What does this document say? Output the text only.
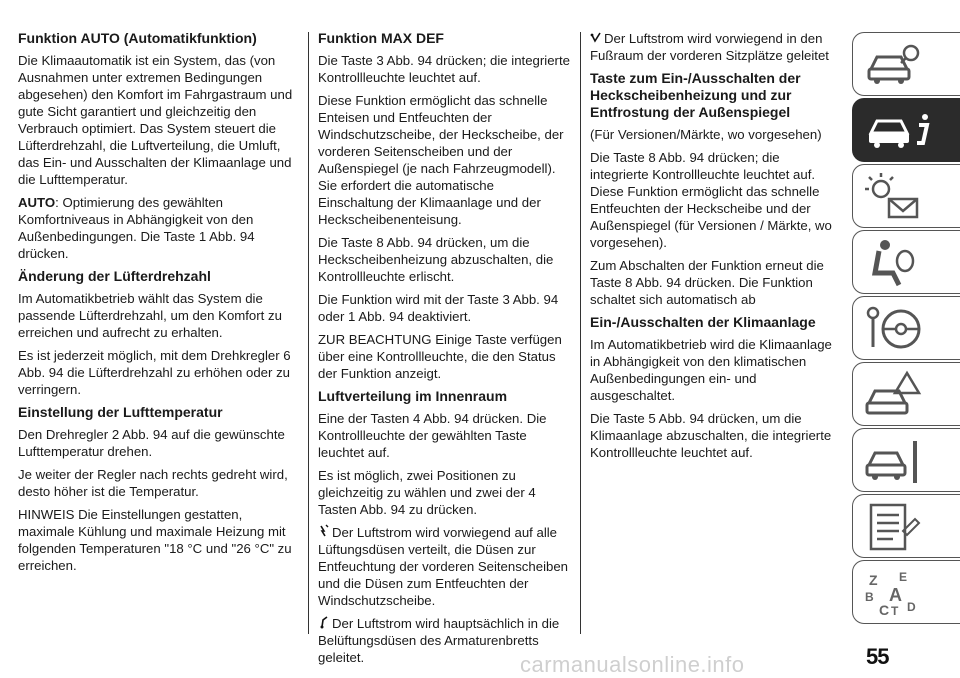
Funktion AUTO (Automatikfunktion)

Die Klimaautomatik ist ein System, das (von Ausnahmen unter extremen Bedingungen abgesehen) den Komfort im Fahrgastraum und gute Sicht garantiert und gleichzeitig den Verbrauch optimiert. Das System steuert die Lüfterdrehzahl, die Luftverteilung, die Umluft, das Ein- und Ausschalten der Klimaanlage und die Lufttemperatur.

AUTO: Optimierung des gewählten Komfortniveaus in Abhängigkeit von den Außenbedingungen. Die Taste 1 Abb. 94 drücken.

Änderung der Lüfterdrehzahl

Im Automatikbetrieb wählt das System die passende Lüfterdrehzahl, um den Komfort zu erreichen und aufrecht zu erhalten.

Es ist jederzeit möglich, mit dem Drehkregler 6 Abb. 94 die Lüfterdrehzahl zu erhöhen oder zu verringern.

Einstellung der Lufttemperatur

Den Drehregler 2 Abb. 94 auf die gewünschte Lufttemperatur drehen.

Je weiter der Regler nach rechts gedreht wird, desto höher ist die Temperatur.

HINWEIS Die Einstellungen gestatten, maximale Kühlung und maximale Heizung mit folgenden Temperaturen "18 °C und "26 °C" zu erreichen.

Funktion MAX DEF

Die Taste 3 Abb. 94 drücken; die integrierte Kontrollleuchte leuchtet auf.

Diese Funktion ermöglicht das schnelle Enteisen und Entfeuchten der Windschutzscheibe, der Heckscheibe, der vorderen Seitenscheiben und der Außenspiegel (je nach Fahrzeugmodell). Sie erfordert die automatische Einschaltung der Klimaanlage und der Heckscheibenenteisung.

Die Taste 8 Abb. 94 drücken, um die Heckscheibenheizung abzuschalten, die Kontrollleuchte erlischt.

Die Funktion wird mit der Taste 3 Abb. 94 oder 1 Abb. 94 deaktiviert.

ZUR BEACHTUNG Einige Taste verfügen über eine Kontrollleuchte, die den Status der Funktion anzeigt.

Luftverteilung im Innenraum

Eine der Tasten 4 Abb. 94 drücken. Die Kontrollleuchte der gewählten Taste leuchtet auf.

Es ist möglich, zwei Positionen zu gleichzeitig zu wählen und zwei der 4 Tasten Abb. 94 zu drücken.

Der Luftstrom wird vorwiegend auf alle Lüftungsdüsen verteilt, die Düsen zur Entfeuchtung der vorderen Seitenscheiben und die Düsen zum Entfeuchten der Windschutzscheibe.

Der Luftstrom wird hauptsächlich in die Belüftungsdüsen des Armaturenbretts geleitet.

Der Luftstrom wird vorwiegend in den Fußraum der vorderen Sitzplätze geleitet

Taste zum Ein-/Ausschalten der Heckscheibenheizung und zur Entfrostung der Außenspiegel

(Für Versionen/Märkte, wo vorgesehen)

Die Taste 8 Abb. 94 drücken; die integrierte Kontrollleuchte leuchtet auf. Diese Funktion ermöglicht das schnelle Entfeuchten der Heckscheibe und der Außenspiegel (für Versionen / Märkte, wo vorgesehen).

Zum Abschalten der Funktion erneut die Taste 8 Abb. 94 drücken. Die Funktion schaltet sich automatisch ab

Ein-/Ausschalten der Klimaanlage

Im Automatikbetrieb wird die Klimaanlage in Abhängigkeit von den klimatischen Außenbedingungen ein- und ausgeschaltet.

Die Taste 5 Abb. 94 drücken, um die Klimaanlage abzuschalten, die integrierte Kontrollleuchte leuchtet auf.

Z E
B A
C T D
55
carmanualsonline.info
